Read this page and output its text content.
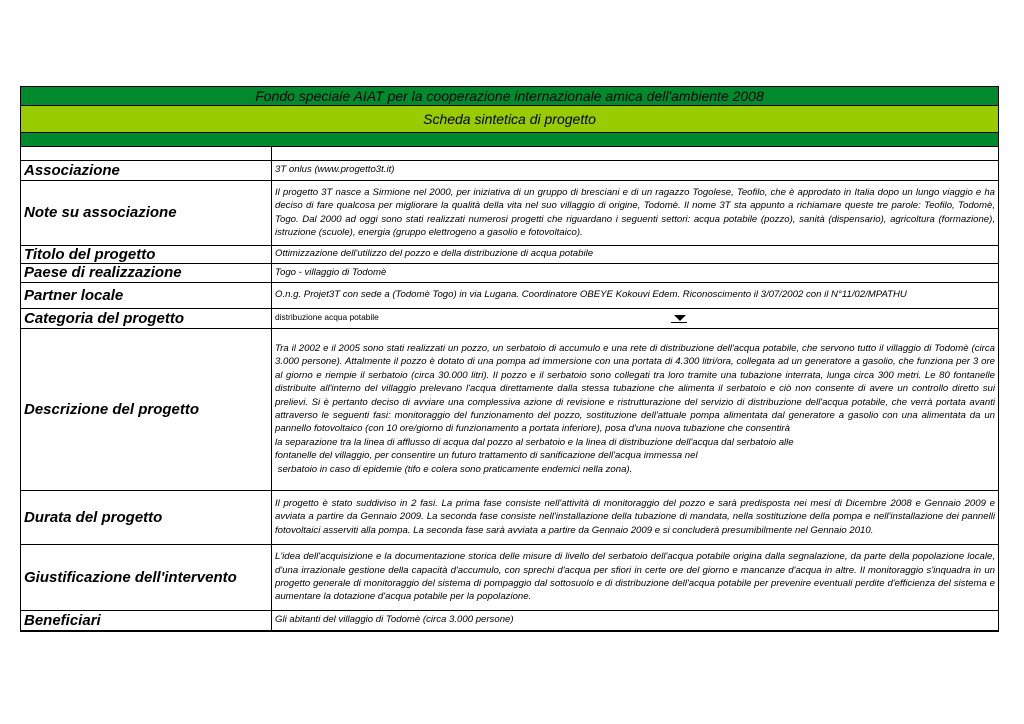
Fondo speciale AIAT per la cooperazione internazionale amica dell'ambiente 2008
Scheda sintetica di progetto

Associazione	3T onlus (www.progetto3t.it)
Note su associazione	Il progetto 3T nasce a Sirmione nel 2000, per iniziativa di un gruppo di bresciani e di un ragazzo Togolese, Teofilo, che è approdato in Italia dopo un lungo viaggio e ha deciso di fare qualcosa per migliorare la qualità della vita nel suo villaggio di origine, Todomè. Il nome 3T sta appunto a richiamare queste tre parole: Teofilo, Todomè, Togo. Dal 2000 ad oggi sono stati realizzati numerosi progetti che riguardano i seguenti settori: acqua potabile (pozzo), sanità (dispensario), agricoltura (formazione), istruzione (scuole), energia (gruppo elettrogeno a gasolio e fotovoltaico).
Titolo del progetto	Ottimizzazione dell'utilizzo del pozzo e della distribuzione di acqua potabile
Paese di realizzazione	Togo - villaggio di Todomè
Partner locale	O.n.g. Projet3T con sede a (Todomè Togo) in via Lugana. Coordinatore OBEYE Kokouvi Edem. Riconoscimento il 3/07/2002 con il N°11/02/MPATHU
Categoria del progetto	distribuzione acqua potabile

Descrizione del progetto	Tra il 2002 e il 2005 sono stati realizzati un pozzo, un serbatoio di accumulo e una rete di distribuzione dell'acqua potabile, che servono tutto il villaggio di Todomè (circa 3.000 persone). Attalmente il pozzo è dotato di una pompa ad immersione con una portata di 4.300 litri/ora, collegata ad un generatore a gasolio, che funziona per 3 ore al giorno e riempie il serbatoio (circa 30.000 litri). Il pozzo e il serbatoio sono collegati tra loro tramite una tubazione interrata, lunga circa 300 metri. Le 80 fontanelle distribuite all'interno del villaggio prelevano l'acqua direttamente dalla stessa tubazione che alimenta il serbatoio e ciò non consente di avere un controllo diretto sui prelievi. Si è pertanto deciso di avviare una complessiva azione di revisione e ristrutturazione del servizio di distribuzione dell'acqua potabile, che verrà portata avanti attraverso le seguenti fasi: monitoraggio del funzionamento del pozzo, sostituzione dell'attuale pompa alimentata dal generatore a gasolio con una alimentata da un pannello fotovoltaico (con 10 ore/giorno di funzionamento a portata inferiore), posa d'una nuova tubazione che consentirà
la separazione tra la linea di afflusso di acqua dal pozzo al serbatoio e la linea di distribuzione dell'acqua dal serbatoio alle
fontanelle del villaggio, per consentire un futuro trattamento di sanificazione dell'acqua immessa nel
serbatoio in caso di epidemie (tifo e colera sono praticamente endemici nella zona).

Durata del progetto	Il progetto è stato suddiviso in 2 fasi. La prima fase consiste nell'attività di monitoraggio del pozzo e sarà predisposta nei mesi di Dicembre 2008 e Gennaio 2009 e avviata a partire da Gennaio 2009. La seconda fase consiste nell'installazione della tubazione di mandata, nella sostituzione della pompa e nell'installazione dei pannelli fotovoltaici asserviti alla pompa. La seconda fase sarà avviata a partire da Gennaio 2009 e si concluderà presumibilmente nel Gennaio 2010.
Giustificazione dell'intervento	L'idea dell'acquisizione e la documentazione storica delle misure di livello del serbatoio dell'acqua potabile origina dalla segnalazione, da parte della popolazione locale, d'una irrazionale gestione della capacità d'accumulo, con sprechi d'acqua per sfiori in certe ore del giorno e mancanze d'acqua in altre. Il monitoraggio s'inquadra in un progetto generale di monitoraggio del sistema di pompaggio dal sottosuolo e di distribuzione dell'acqua potabile per prevenire eventuali perdite d'efficienza del sistema e aumentare la dotazione d'acqua potabile per la popolazione.
Beneficiari	Gli abitanti del villaggio di Todomè (circa 3.000 persone)
